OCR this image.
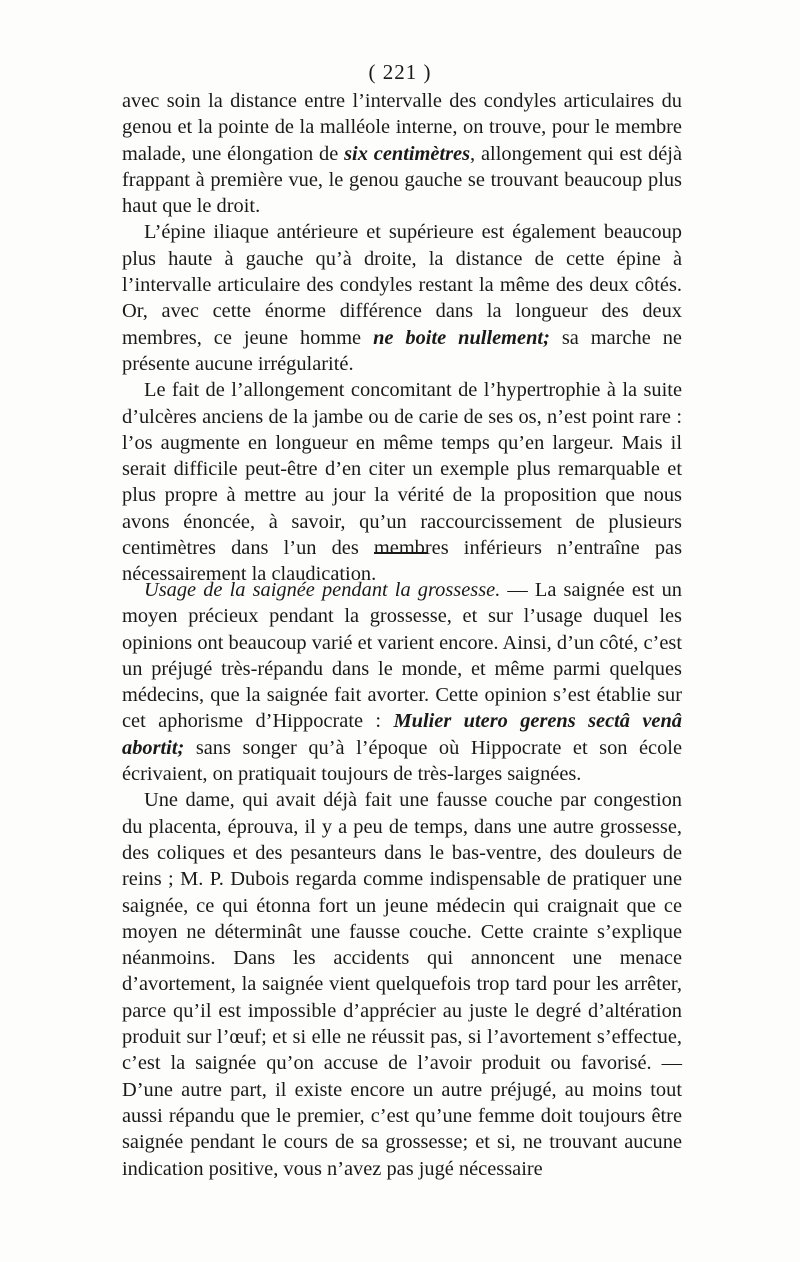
( 221 )

avec soin la distance entre l’intervalle des condyles articulaires du genou et la pointe de la malléole interne, on trouve, pour le membre malade, une élongation de six centimètres, allongement qui est déjà frappant à première vue, le genou gauche se trouvant beaucoup plus haut que le droit.

L’épine iliaque antérieure et supérieure est également beaucoup plus haute à gauche qu’à droite, la distance de cette épine à l’intervalle articulaire des condyles restant la même des deux côtés. Or, avec cette énorme différence dans la longueur des deux membres, ce jeune homme ne boite nullement; sa marche ne présente aucune irrégularité.

Le fait de l’allongement concomitant de l’hypertrophie à la suite d’ulcères anciens de la jambe ou de carie de ses os, n’est point rare : l’os augmente en longueur en même temps qu’en largeur. Mais il serait difficile peut-être d’en citer un exemple plus remarquable et plus propre à mettre au jour la vérité de la proposition que nous avons énoncée, à savoir, qu’un raccourcissement de plusieurs centimètres dans l’un des membres inférieurs n’entraîne pas nécessairement la claudication.

Usage de la saignée pendant la grossesse. — La saignée est un moyen précieux pendant la grossesse, et sur l’usage duquel les opinions ont beaucoup varié et varient encore. Ainsi, d’un côté, c’est un préjugé très-répandu dans le monde, et même parmi quelques médecins, que la saignée fait avorter. Cette opinion s’est établie sur cet aphorisme d’Hippocrate : Mulier utero gerens sectâ venâ abortit; sans songer qu’à l’époque où Hippocrate et son école écrivaient, on pratiquait toujours de très-larges saignées.

Une dame, qui avait déjà fait une fausse couche par congestion du placenta, éprouva, il y a peu de temps, dans une autre grossesse, des coliques et des pesanteurs dans le bas-ventre, des douleurs de reins ; M. P. Dubois regarda comme indispensable de pratiquer une saignée, ce qui étonna fort un jeune médecin qui craignait que ce moyen ne déterminât une fausse couche. Cette crainte s’explique néanmoins. Dans les accidents qui annoncent une menace d’avortement, la saignée vient quelquefois trop tard pour les arrêter, parce qu’il est impossible d’apprécier au juste le degré d’altération produit sur l’œuf; et si elle ne réussit pas, si l’avortement s’effectue, c’est la saignée qu’on accuse de l’avoir produit ou favorisé. — D’une autre part, il existe encore un autre préjugé, au moins tout aussi répandu que le premier, c’est qu’une femme doit toujours être saignée pendant le cours de sa grossesse; et si, ne trouvant aucune indication positive, vous n’avez pas jugé nécessaire
